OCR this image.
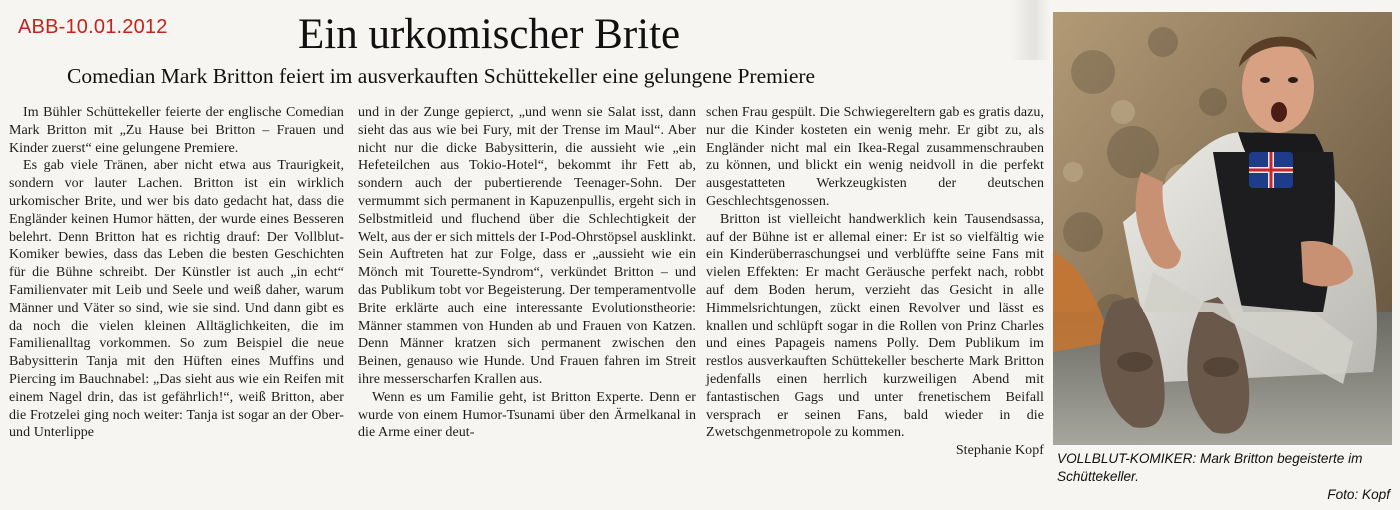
ABB-10.01.2012	Ein urkomischer Brite
Comedian Mark Britton feiert im ausverkauften Schüttekeller eine gelungene Premiere

Im Bühler Schüttekeller feierte der englische Comedian Mark Britton mit „Zu Hause bei Britton – Frauen und Kinder zuerst“ eine gelungene Premiere.

Es gab viele Tränen, aber nicht etwa aus Traurigkeit, sondern vor lauter Lachen. Britton ist ein wirklich urkomischer Brite, und wer bis dato gedacht hat, dass die Engländer keinen Humor hätten, der wurde eines Besseren belehrt. Denn Britton hat es richtig drauf: Der Vollblut-Komiker bewies, dass das Leben die besten Geschichten für die Bühne schreibt. Der Künstler ist auch „in echt“ Familienvater mit Leib und Seele und weiß daher, warum Männer und Väter so sind, wie sie sind. Und dann gibt es da noch die vielen kleinen Alltäglichkeiten, die im Familienalltag vorkommen. So zum Beispiel die neue Babysitterin Tanja mit den Hüften eines Muffins und Piercing im Bauchnabel: „Das sieht aus wie ein Reifen mit einem Nagel drin, das ist gefährlich!“, weiß Britton, aber die Frotzelei ging noch weiter: Tanja ist sogar an der Ober- und Unterlippe

und in der Zunge gepierct, „und wenn sie Salat isst, dann sieht das aus wie bei Fury, mit der Trense im Maul“. Aber nicht nur die dicke Babysitterin, die aussieht wie „ein Hefeteilchen aus Tokio-Hotel“, bekommt ihr Fett ab, sondern auch der pubertierende Teenager-Sohn. Der vermummt sich permanent in Kapuzenpullis, ergeht sich in Selbstmitleid und fluchend über die Schlechtigkeit der Welt, aus der er sich mittels der I-Pod-Ohrstöpsel ausklinkt. Sein Auftreten hat zur Folge, dass er „aussieht wie ein Mönch mit Tourette-Syndrom“, verkündet Britton – und das Publikum tobt vor Begeisterung. Der temperamentvolle Brite erklärte auch eine interessante Evolutionstheorie: Männer stammen von Hunden ab und Frauen von Katzen. Denn Männer kratzen sich permanent zwischen den Beinen, genauso wie Hunde. Und Frauen fahren im Streit ihre messerscharfen Krallen aus.

Wenn es um Familie geht, ist Britton Experte. Denn er wurde von einem Humor-Tsunami über den Ärmelkanal in die Arme einer deut-

schen Frau gespült. Die Schwiegereltern gab es gratis dazu, nur die Kinder kosteten ein wenig mehr. Er gibt zu, als Engländer nicht mal ein Ikea-Regal zusammenschrauben zu können, und blickt ein wenig neidvoll in die perfekt ausgestatteten Werkzeugkisten der deutschen Geschlechtsgenossen.

Britton ist vielleicht handwerklich kein Tausendsassa, auf der Bühne ist er allemal einer: Er ist so vielfältig wie ein Kinderüberraschungsei und verblüffte seine Fans mit vielen Effekten: Er macht Geräusche perfekt nach, robbt auf dem Boden herum, verzieht das Gesicht in alle Himmelsrichtungen, zückt einen Revolver und lässt es knallen und schlüpft sogar in die Rollen von Prinz Charles und eines Papageis namens Polly. Dem Publikum im restlos ausverkauften Schüttekeller bescherte Mark Britton jedenfalls einen herrlich kurzweiligen Abend mit fantastischen Gags und unter frenetischem Beifall versprach er seinen Fans, bald wieder in die Zwetschgenmetropole zu kommen.

Stephanie Kopf
VOLLBLUT-KOMIKER: Mark Britton begeisterte im Schüttekeller.
Foto: Kopf
